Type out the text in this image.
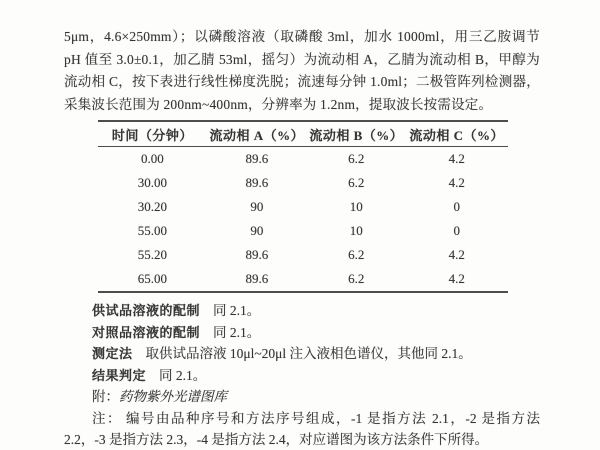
5μm，4.6×250mm）；以磷酸溶液（取磷酸 3ml，加水 1000ml，用三乙胺调节 pH 值至 3.0±0.1，加乙腈 53ml，摇匀）为流动相 A，乙腈为流动相 B，甲醇为流动相 C，按下表进行线性梯度洗脱；流速每分钟 1.0ml；二极管阵列检测器，采集波长范围为 200nm~400nm，分辨率为 1.2nm，提取波长按需设定。

时间（分钟）	流动相 A（%）	流动相 B（%）	流动相 C（%）
0.00	89.6	6.2	4.2
30.00	89.6	6.2	4.2
30.20	90	10	0
55.00	90	10	0
55.20	89.6	6.2	4.2
65.00	89.6	6.2	4.2
供试品溶液的配制 同 2.1。
对照品溶液的配制 同 2.1。
测定法 取供试品溶液 10μl~20μl 注入液相色谱仪，其他同 2.1。
结果判定 同 2.1。

附：药物紫外光谱图库

注： 编号由品种序号和方法序号组成，-1 是指方法 2.1，-2 是指方法 2.2，-3 是指方法 2.3，-4 是指方法 2.4，对应谱图为该方法条件下所得。
